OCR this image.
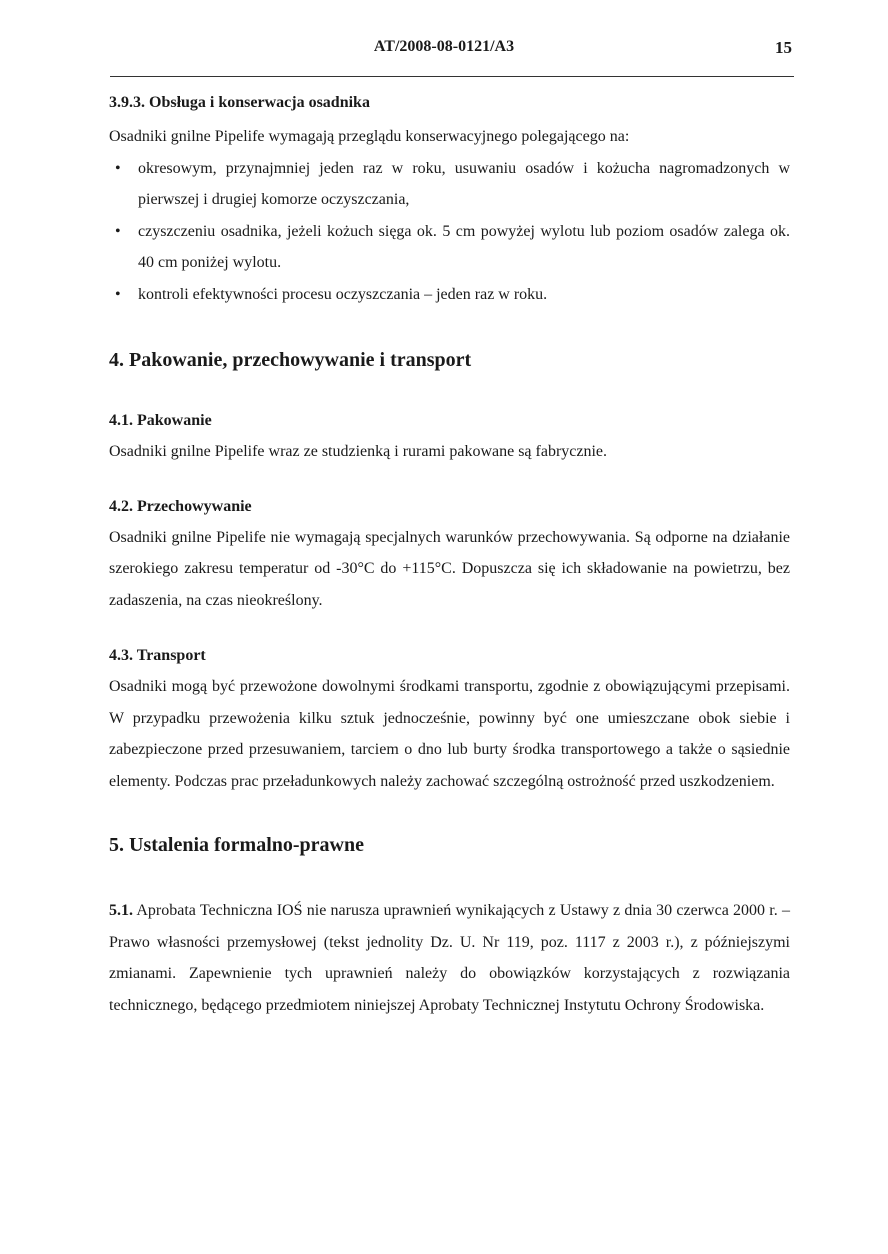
AT/2008-08-0121/A3	15

3.9.3. Obsługa i konserwacja osadnika

Osadniki gnilne Pipelife wymagają przeglądu konserwacyjnego polegającego na:

• okresowym, przynajmniej jeden raz w roku, usuwaniu osadów i kożucha nagromadzonych w pierwszej i drugiej komorze oczyszczania,
• czyszczeniu osadnika, jeżeli kożuch sięga ok. 5 cm powyżej wylotu lub poziom osadów zalega ok. 40 cm poniżej wylotu.
• kontroli efektywności procesu oczyszczania – jeden raz w roku.

4. Pakowanie, przechowywanie i transport

4.1. Pakowanie

Osadniki gnilne Pipelife wraz ze studzienką i rurami pakowane są fabrycznie.

4.2. Przechowywanie

Osadniki gnilne Pipelife nie wymagają specjalnych warunków przechowywania. Są odporne na działanie szerokiego zakresu temperatur od -30°C do +115°C. Dopuszcza się ich składowanie na powietrzu, bez zadaszenia, na czas nieokreślony.

4.3. Transport

Osadniki mogą być przewożone dowolnymi środkami transportu, zgodnie z obowiązującymi przepisami. W przypadku przewożenia kilku sztuk jednocześnie, powinny być one umieszczane obok siebie i zabezpieczone przed przesuwaniem, tarciem o dno lub burty środka transportowego a także o sąsiednie elementy. Podczas prac przeładunkowych należy zachować szczególną ostrożność przed uszkodzeniem.

5. Ustalenia formalno-prawne

5.1. Aprobata Techniczna IOŚ nie narusza uprawnień wynikających z Ustawy z dnia 30 czerwca 2000 r. – Prawo własności przemysłowej (tekst jednolity Dz. U. Nr 119, poz. 1117 z 2003 r.), z późniejszymi zmianami. Zapewnienie tych uprawnień należy do obowiązków korzystających z rozwiązania technicznego, będącego przedmiotem niniejszej Aprobaty Technicznej Instytutu Ochrony Środowiska.
